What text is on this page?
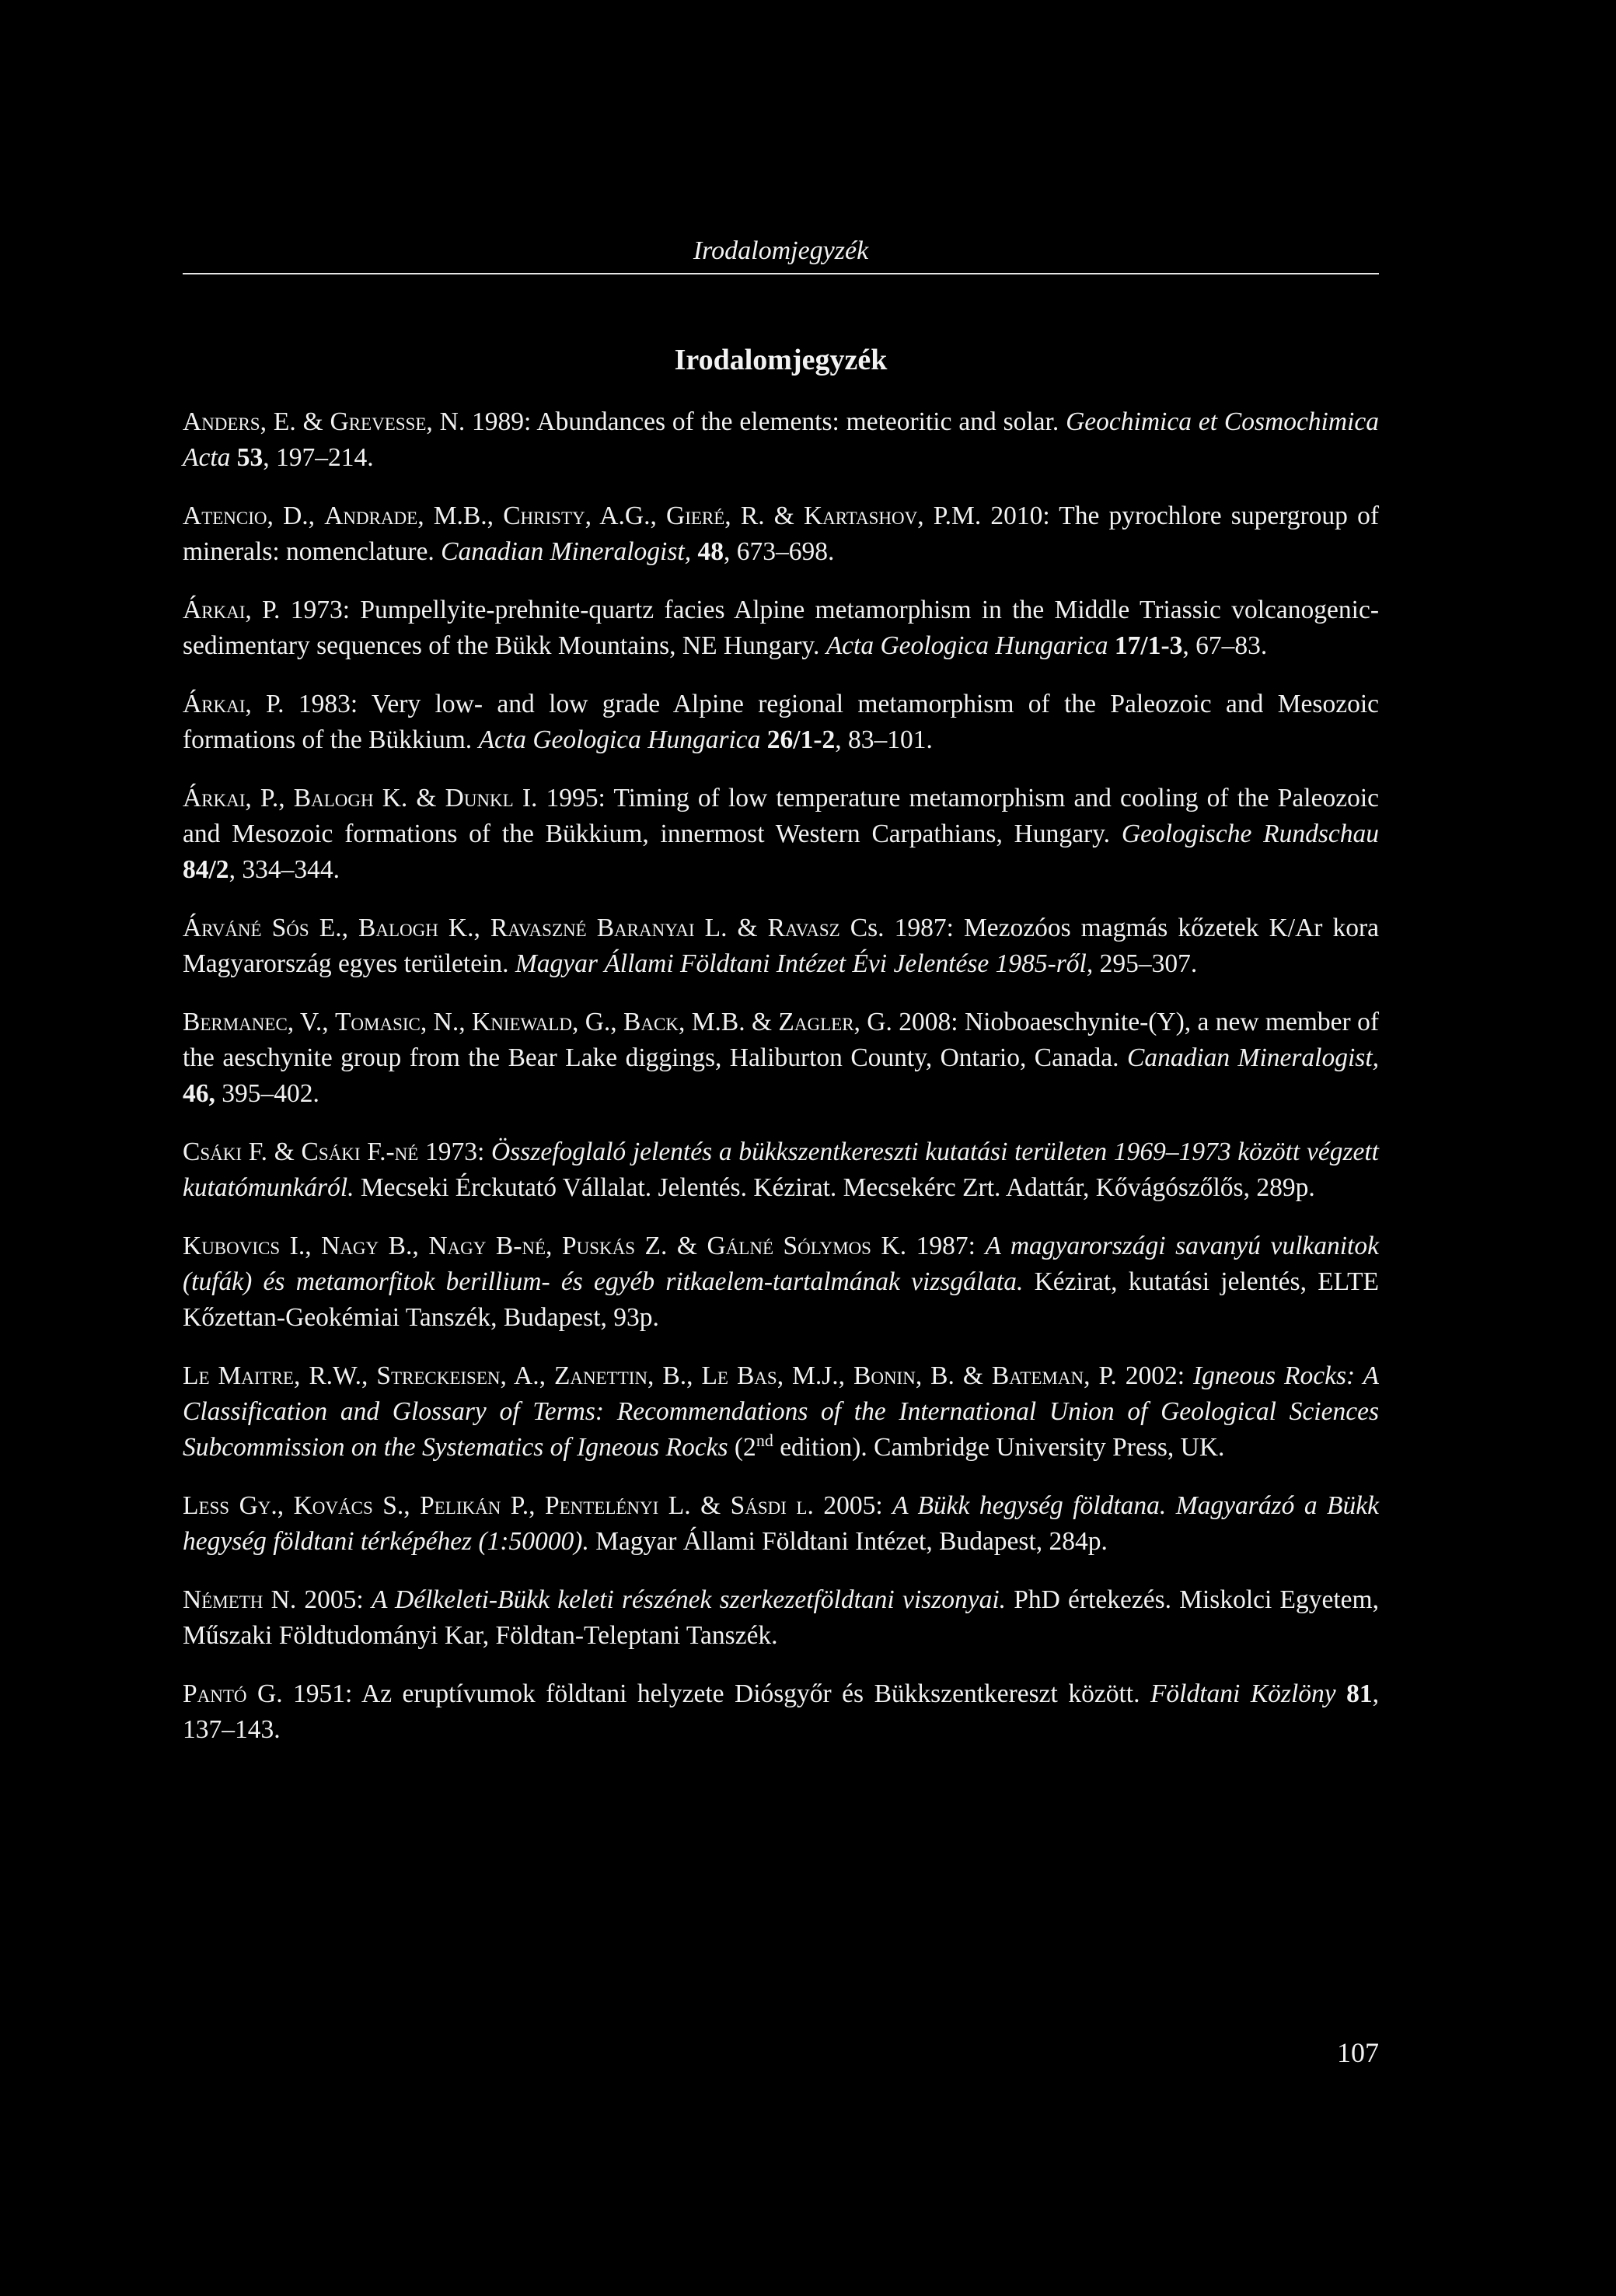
Irodalomjegyzék
Irodalomjegyzék

Anders, E. & Grevesse, N. 1989: Abundances of the elements: meteoritic and solar. Geochimica et Cosmochimica Acta 53, 197–214.

Atencio, D., Andrade, M.B., Christy, A.G., Gieré, R. & Kartashov, P.M. 2010: The pyrochlore supergroup of minerals: nomenclature. Canadian Mineralogist, 48, 673–698.

Árkai, P. 1973: Pumpellyite-prehnite-quartz facies Alpine metamorphism in the Middle Triassic volcanogenic-sedimentary sequences of the Bükk Mountains, NE Hungary. Acta Geologica Hungarica 17/1-3, 67–83.

Árkai, P. 1983: Very low- and low grade Alpine regional metamorphism of the Paleozoic and Mesozoic formations of the Bükkium. Acta Geologica Hungarica 26/1-2, 83–101.

Árkai, P., Balogh K. & Dunkl I. 1995: Timing of low temperature metamorphism and cooling of the Paleozoic and Mesozoic formations of the Bükkium, innermost Western Carpathians, Hungary. Geologische Rundschau 84/2, 334–344.

Árváné Sós E., Balogh K., Ravaszné Baranyai L. & Ravasz Cs. 1987: Mezozóos magmás kőzetek K/Ar kora Magyarország egyes területein. Magyar Állami Földtani Intézet Évi Jelentése 1985-ről, 295–307.

Bermanec, V., Tomasic, N., Kniewald, G., Back, M.B. & Zagler, G. 2008: Nioboaeschynite-(Y), a new member of the aeschynite group from the Bear Lake diggings, Haliburton County, Ontario, Canada. Canadian Mineralogist, 46, 395–402.

Csáki F. & Csáki F.-né 1973: Összefoglaló jelentés a bükkszentkereszti kutatási területen 1969–1973 között végzett kutatómunkáról. Mecseki Érckutató Vállalat. Jelentés. Kézirat. Mecsekérc Zrt. Adattár, Kővágószőlős, 289p.

Kubovics I., Nagy B., Nagy B-né, Puskás Z. & Gálné Sólymos K. 1987: A magyarországi savanyú vulkanitok (tufák) és metamorfitok berillium- és egyéb ritkaelem-tartalmának vizsgálata. Kézirat, kutatási jelentés, ELTE Kőzettan-Geokémiai Tanszék, Budapest, 93p.

Le Maitre, R.W., Streckeisen, A., Zanettin, B., Le Bas, M.J., Bonin, B. & Bateman, P. 2002: Igneous Rocks: A Classification and Glossary of Terms: Recommendations of the International Union of Geological Sciences Subcommission on the Systematics of Igneous Rocks (2nd edition). Cambridge University Press, UK.

Less Gy., Kovács S., Pelikán P., Pentelényi L. & Sásdi l. 2005: A Bükk hegység földtana. Magyarázó a Bükk hegység földtani térképéhez (1:50000). Magyar Állami Földtani Intézet, Budapest, 284p.

Németh N. 2005: A Délkeleti-Bükk keleti részének szerkezetföldtani viszonyai. PhD értekezés. Miskolci Egyetem, Műszaki Földtudományi Kar, Földtan-Teleptani Tanszék.

Pantó G. 1951: Az eruptívumok földtani helyzete Diósgyőr és Bükkszentkereszt között. Földtani Közlöny 81, 137–143.

107
